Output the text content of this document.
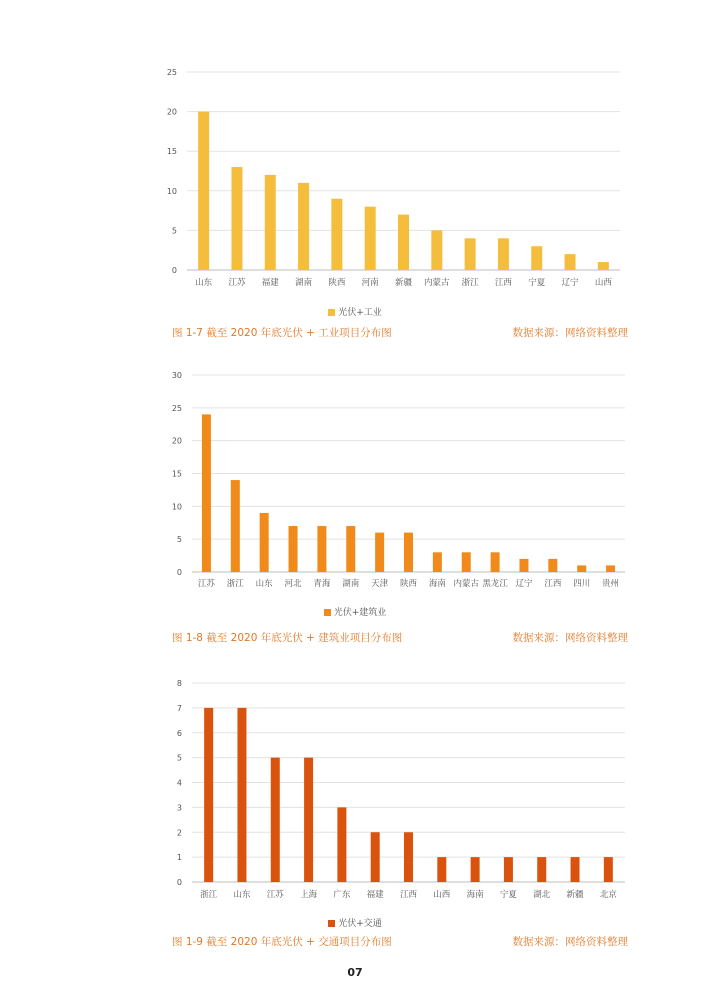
0
5
10
15
20
25
山东 江苏 福建 湖南 陕西 河南 新疆 内蒙古 浙江 江西 宁夏 辽宁 山西
光伏+工业
图 1-7 截至 2020 年底光伏 + 工业项目分布图	数据来源：网络资料整理
0
5
10
15
20
25
30
江苏 浙江 山东 河北 青海 湖南 天津 陕西 海南 内蒙古 黑龙江 辽宁 江西 四川 贵州
光伏+建筑业
图 1-8 截至 2020 年底光伏 + 建筑业项目分布图	数据来源：网络资料整理
0
1
2
3
4
5
6
7
8
浙江 山东 江苏 上海 广东 福建 江西 山西 海南 宁夏 湖北 新疆 北京
光伏+交通
图 1-9 截至 2020 年底光伏 + 交通项目分布图	数据来源：网络资料整理
07
